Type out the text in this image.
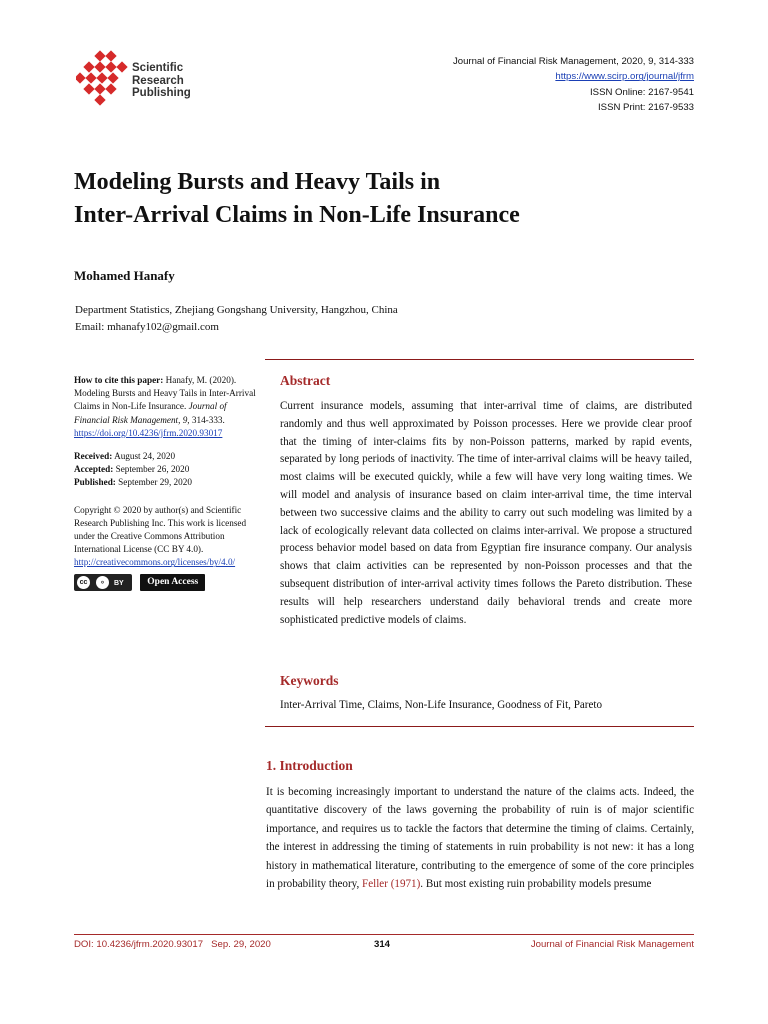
Scientific
Research
Publishing
Journal of Financial Risk Management, 2020, 9, 314-333
https://www.scirp.org/journal/jfrm
ISSN Online: 2167-9541
ISSN Print: 2167-9533
Modeling Bursts and Heavy Tails in
Inter-Arrival Claims in Non-Life Insurance
Mohamed Hanafy
Department Statistics, Zhejiang Gongshang University, Hangzhou, China
Email: mhanafy102@gmail.com

How to cite this paper: Hanafy, M. (2020). Modeling Bursts and Heavy Tails in Inter-Arrival Claims in Non-Life Insurance. Journal of Financial Risk Management, 9, 314-333.
https://doi.org/10.4236/jfrm.2020.93017

Received: August 24, 2020
Accepted: September 26, 2020
Published: September 29, 2020

Copyright © 2020 by author(s) and Scientific Research Publishing Inc. This work is licensed under the Creative Commons Attribution International License (CC BY 4.0).
http://creativecommons.org/licenses/by/4.0/

cc	⚬	BY Open Access
Abstract
Current insurance models, assuming that inter-arrival time of claims, are distributed randomly and thus well approximated by Poisson processes. Here we provide clear proof that the timing of inter-claims fits by non-Poisson patterns, marked by rapid events, separated by long periods of inactivity. The time of inter-arrival claims will be heavy tailed, most claims will be executed quickly, while a few will have very long waiting times. We will model and analysis of insurance based on claim inter-arrival time, the time interval between two successive claims and the ability to carry out such modeling was limited by a lack of ecologically relevant data collected on claims inter-arrival. We propose a structured process behavior model based on data from Egyptian fire insurance company. Our analysis shows that claim activities can be represented by non-Poisson processes and that the subsequent distribution of inter-arrival activity times follows the Pareto distribution. These results will help researchers understand daily behavioral trends and create more sophisticated predictive models of claims.
Keywords
Inter-Arrival Time, Claims, Non-Life Insurance, Goodness of Fit, Pareto
1. Introduction
It is becoming increasingly important to understand the nature of the claims acts. Indeed, the quantitative discovery of the laws governing the probability of ruin is of major scientific importance, and requires us to tackle the factors that determine the timing of claims. Certainly, the interest in addressing the timing of statements in ruin probability is not new: it has a long history in mathematical literature, contributing to the emergence of some of the core principles in probability theory, Feller (1971). But most existing ruin probability models presume
DOI: 10.4236/jfrm.2020.93017 Sep. 29, 2020	314	Journal of Financial Risk Management
